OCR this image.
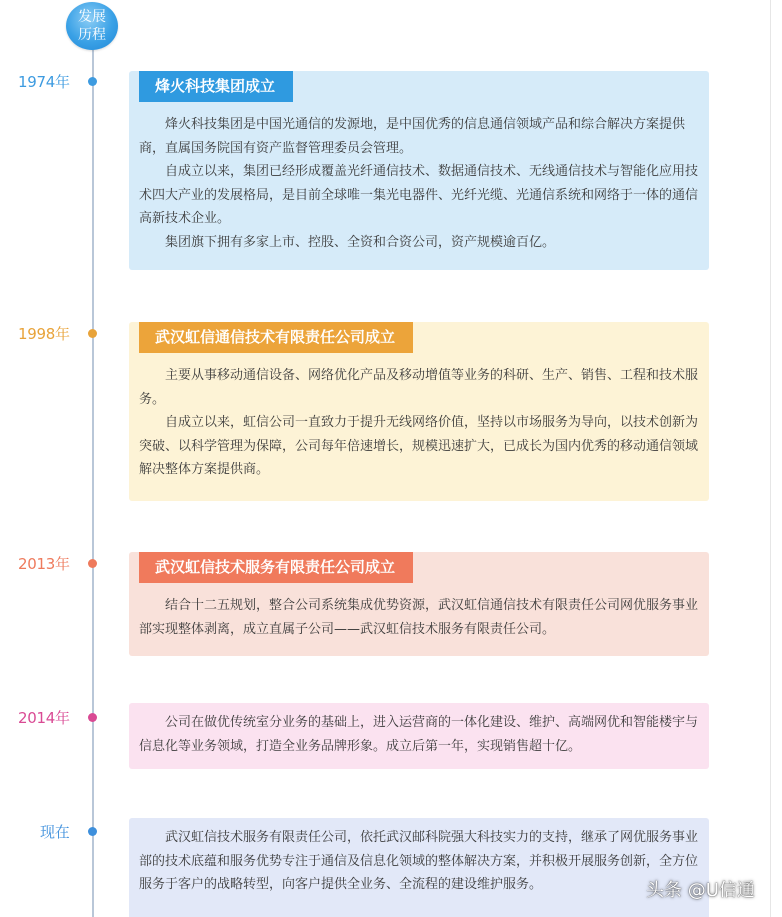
发展
历程
1974年	烽火科技集团成立

烽火科技集团是中国光通信的发源地，是中国优秀的信息通信领域产品和综合解决方案提供商，直属国务院国有资产监督管理委员会管理。

自成立以来，集团已经形成覆盖光纤通信技术、数据通信技术、无线通信技术与智能化应用技术四大产业的发展格局，是目前全球唯一集光电器件、光纤光缆、光通信系统和网络于一体的通信高新技术企业。

集团旗下拥有多家上市、控股、全资和合资公司，资产规模逾百亿。

1998年	武汉虹信通信技术有限责任公司成立

主要从事移动通信设备、网络优化产品及移动增值等业务的科研、生产、销售、工程和技术服务。

自成立以来，虹信公司一直致力于提升无线网络价值，坚持以市场服务为导向，以技术创新为突破、以科学管理为保障，公司每年倍速增长，规模迅速扩大，已成长为国内优秀的移动通信领域解决整体方案提供商。

2013年	武汉虹信技术服务有限责任公司成立

结合十二五规划，整合公司系统集成优势资源，武汉虹信通信技术有限责任公司网优服务事业部实现整体剥离，成立直属子公司——武汉虹信技术服务有限责任公司。

2014年	公司在做优传统室分业务的基础上，进入运营商的一体化建设、维护、高端网优和智能楼宇与信息化等业务领域，打造全业务品牌形象。成立后第一年，实现销售超十亿。

现在	武汉虹信技术服务有限责任公司，依托武汉邮科院强大科技实力的支持，继承了网优服务事业部的技术底蕴和服务优势专注于通信及信息化领域的整体解决方案，并积极开展服务创新，全方位服务于客户的战略转型，向客户提供全业务、全流程的建设维护服务。	头条 @U信通
